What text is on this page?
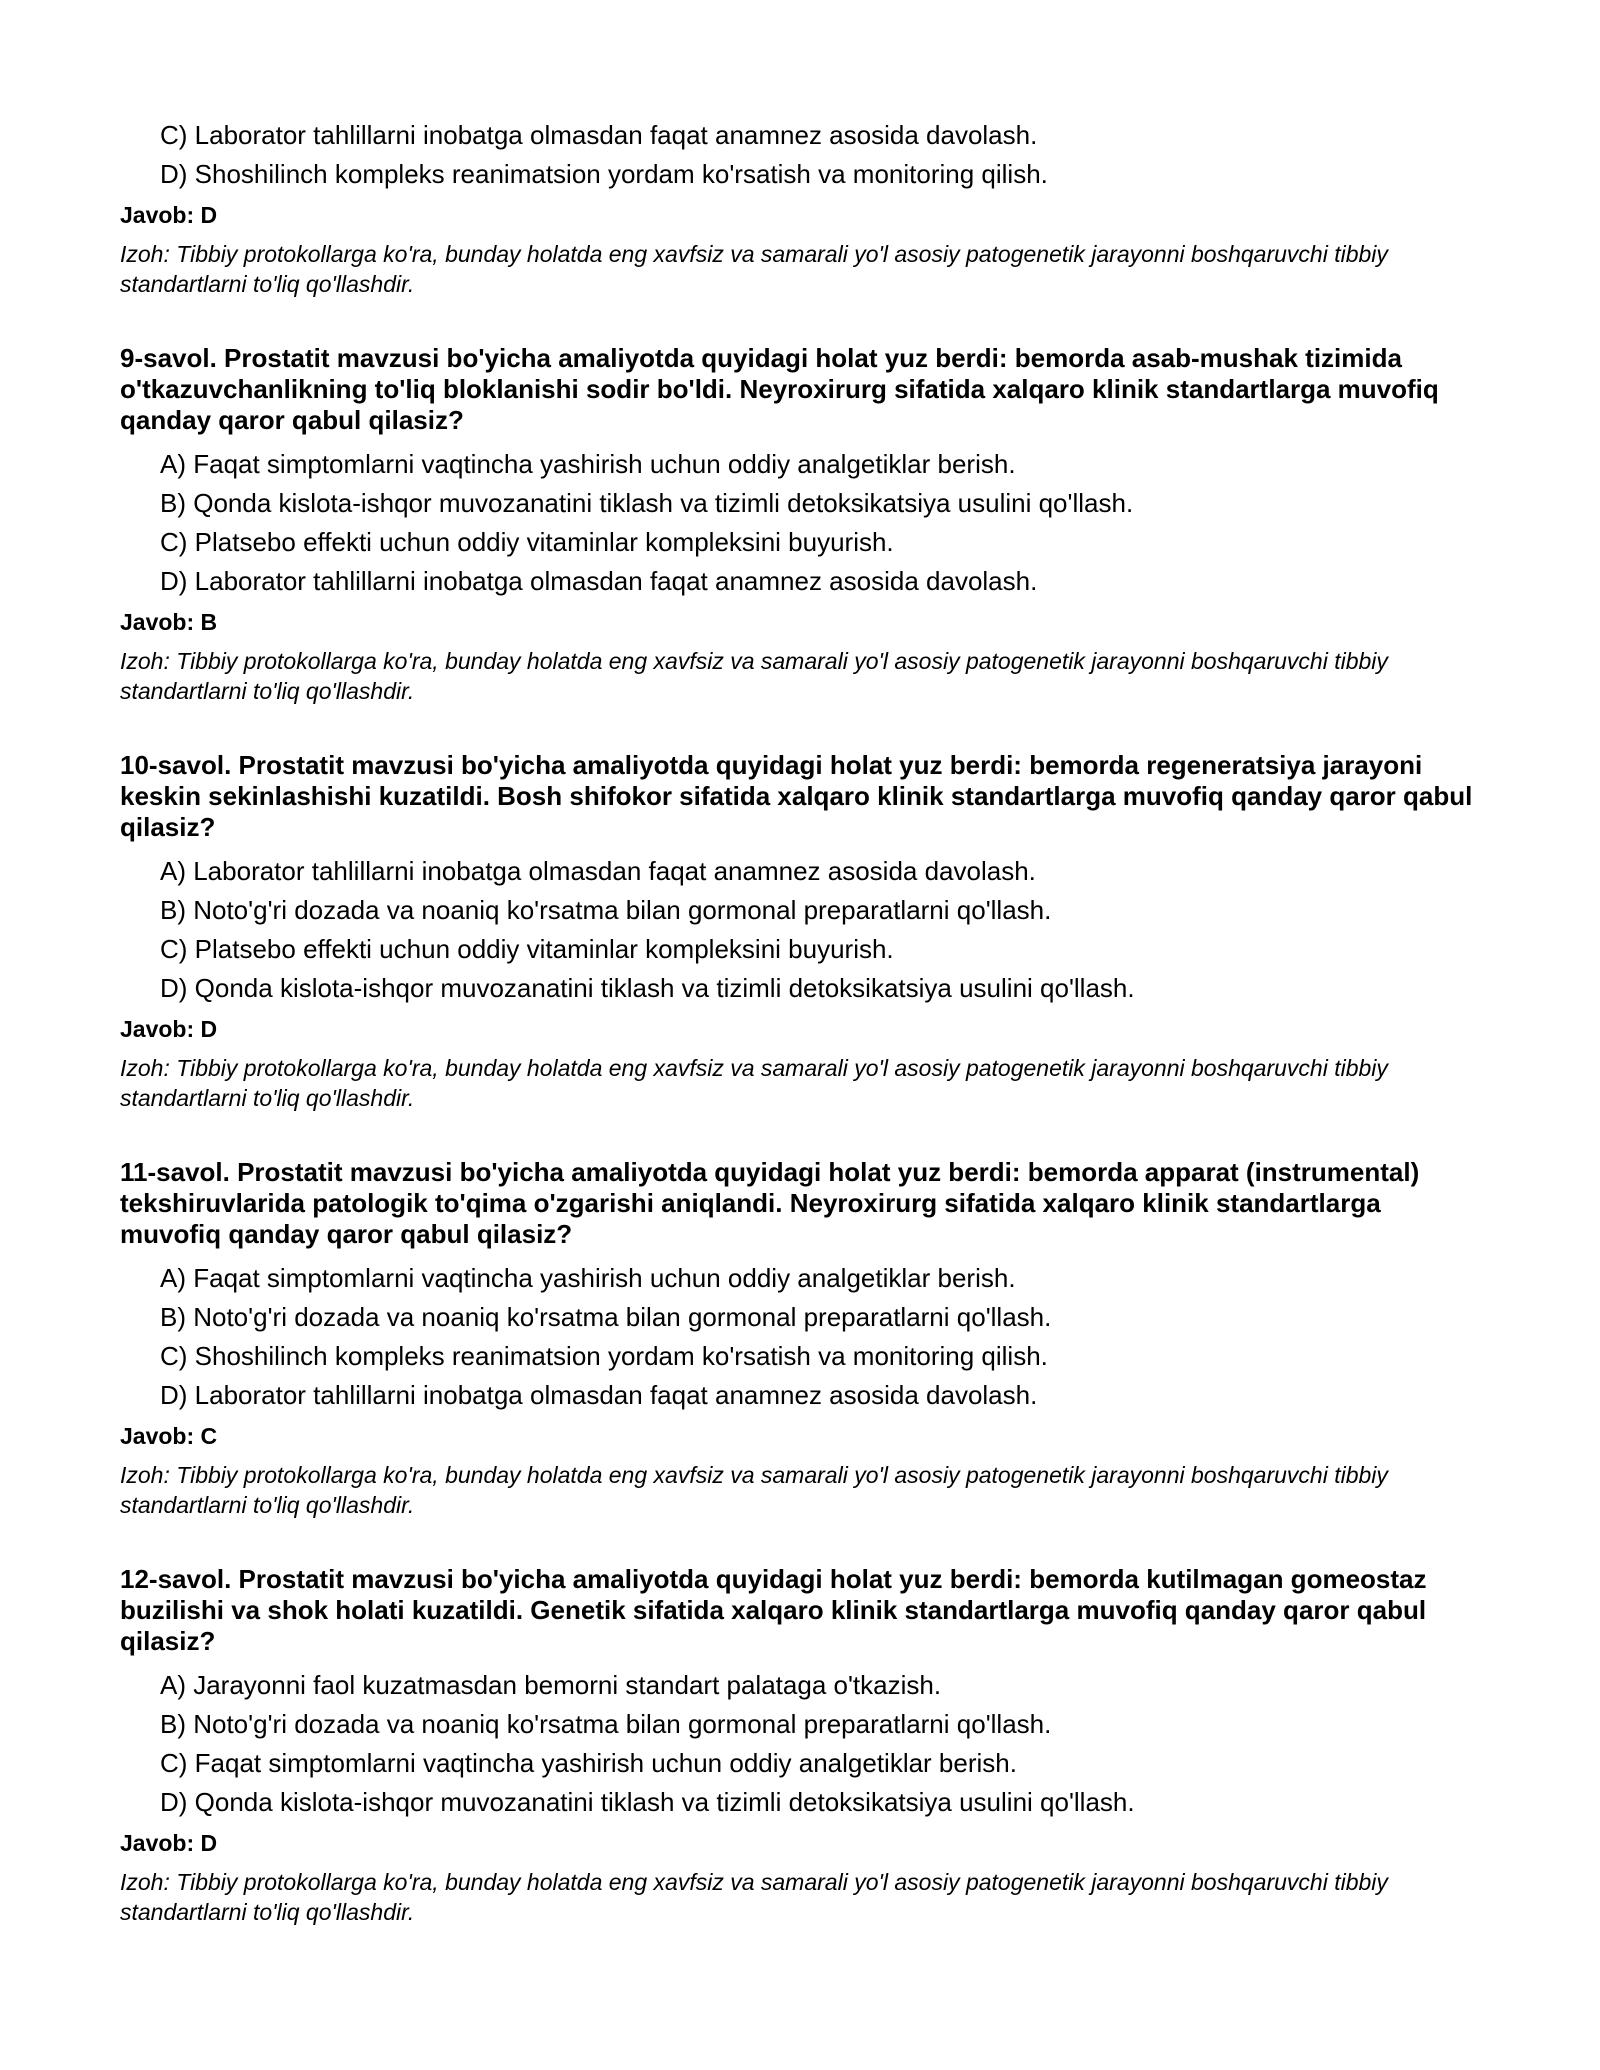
C) Laborator tahlillarni inobatga olmasdan faqat anamnez asosida davolash.
D) Shoshilinch kompleks reanimatsion yordam ko'rsatish va monitoring qilish.
Javob: D
Izoh: Tibbiy protokollarga ko'ra, bunday holatda eng xavfsiz va samarali yo'l asosiy patogenetik jarayonni boshqaruvchi tibbiy standartlarni to'liq qo'llashdir.
9-savol. Prostatit mavzusi bo'yicha amaliyotda quyidagi holat yuz berdi: bemorda asab-mushak tizimida o'tkazuvchanlikning to'liq bloklanishi sodir bo'ldi. Neyroxirurg sifatida xalqaro klinik standartlarga muvofiq qanday qaror qabul qilasiz?
A) Faqat simptomlarni vaqtincha yashirish uchun oddiy analgetiklar berish.
B) Qonda kislota-ishqor muvozanatini tiklash va tizimli detoksikatsiya usulini qo'llash.
C) Platsebo effekti uchun oddiy vitaminlar kompleksini buyurish.
D) Laborator tahlillarni inobatga olmasdan faqat anamnez asosida davolash.
Javob: B
Izoh: Tibbiy protokollarga ko'ra, bunday holatda eng xavfsiz va samarali yo'l asosiy patogenetik jarayonni boshqaruvchi tibbiy standartlarni to'liq qo'llashdir.
10-savol. Prostatit mavzusi bo'yicha amaliyotda quyidagi holat yuz berdi: bemorda regeneratsiya jarayoni keskin sekinlashishi kuzatildi. Bosh shifokor sifatida xalqaro klinik standartlarga muvofiq qanday qaror qabul qilasiz?
A) Laborator tahlillarni inobatga olmasdan faqat anamnez asosida davolash.
B) Noto'g'ri dozada va noaniq ko'rsatma bilan gormonal preparatlarni qo'llash.
C) Platsebo effekti uchun oddiy vitaminlar kompleksini buyurish.
D) Qonda kislota-ishqor muvozanatini tiklash va tizimli detoksikatsiya usulini qo'llash.
Javob: D
Izoh: Tibbiy protokollarga ko'ra, bunday holatda eng xavfsiz va samarali yo'l asosiy patogenetik jarayonni boshqaruvchi tibbiy standartlarni to'liq qo'llashdir.
11-savol. Prostatit mavzusi bo'yicha amaliyotda quyidagi holat yuz berdi: bemorda apparat (instrumental) tekshiruvlarida patologik to'qima o'zgarishi aniqlandi. Neyroxirurg sifatida xalqaro klinik standartlarga muvofiq qanday qaror qabul qilasiz?
A) Faqat simptomlarni vaqtincha yashirish uchun oddiy analgetiklar berish.
B) Noto'g'ri dozada va noaniq ko'rsatma bilan gormonal preparatlarni qo'llash.
C) Shoshilinch kompleks reanimatsion yordam ko'rsatish va monitoring qilish.
D) Laborator tahlillarni inobatga olmasdan faqat anamnez asosida davolash.
Javob: C
Izoh: Tibbiy protokollarga ko'ra, bunday holatda eng xavfsiz va samarali yo'l asosiy patogenetik jarayonni boshqaruvchi tibbiy standartlarni to'liq qo'llashdir.
12-savol. Prostatit mavzusi bo'yicha amaliyotda quyidagi holat yuz berdi: bemorda kutilmagan gomeostaz buzilishi va shok holati kuzatildi. Genetik sifatida xalqaro klinik standartlarga muvofiq qanday qaror qabul qilasiz?
A) Jarayonni faol kuzatmasdan bemorni standart palataga o'tkazish.
B) Noto'g'ri dozada va noaniq ko'rsatma bilan gormonal preparatlarni qo'llash.
C) Faqat simptomlarni vaqtincha yashirish uchun oddiy analgetiklar berish.
D) Qonda kislota-ishqor muvozanatini tiklash va tizimli detoksikatsiya usulini qo'llash.
Javob: D
Izoh: Tibbiy protokollarga ko'ra, bunday holatda eng xavfsiz va samarali yo'l asosiy patogenetik jarayonni boshqaruvchi tibbiy standartlarni to'liq qo'llashdir.
